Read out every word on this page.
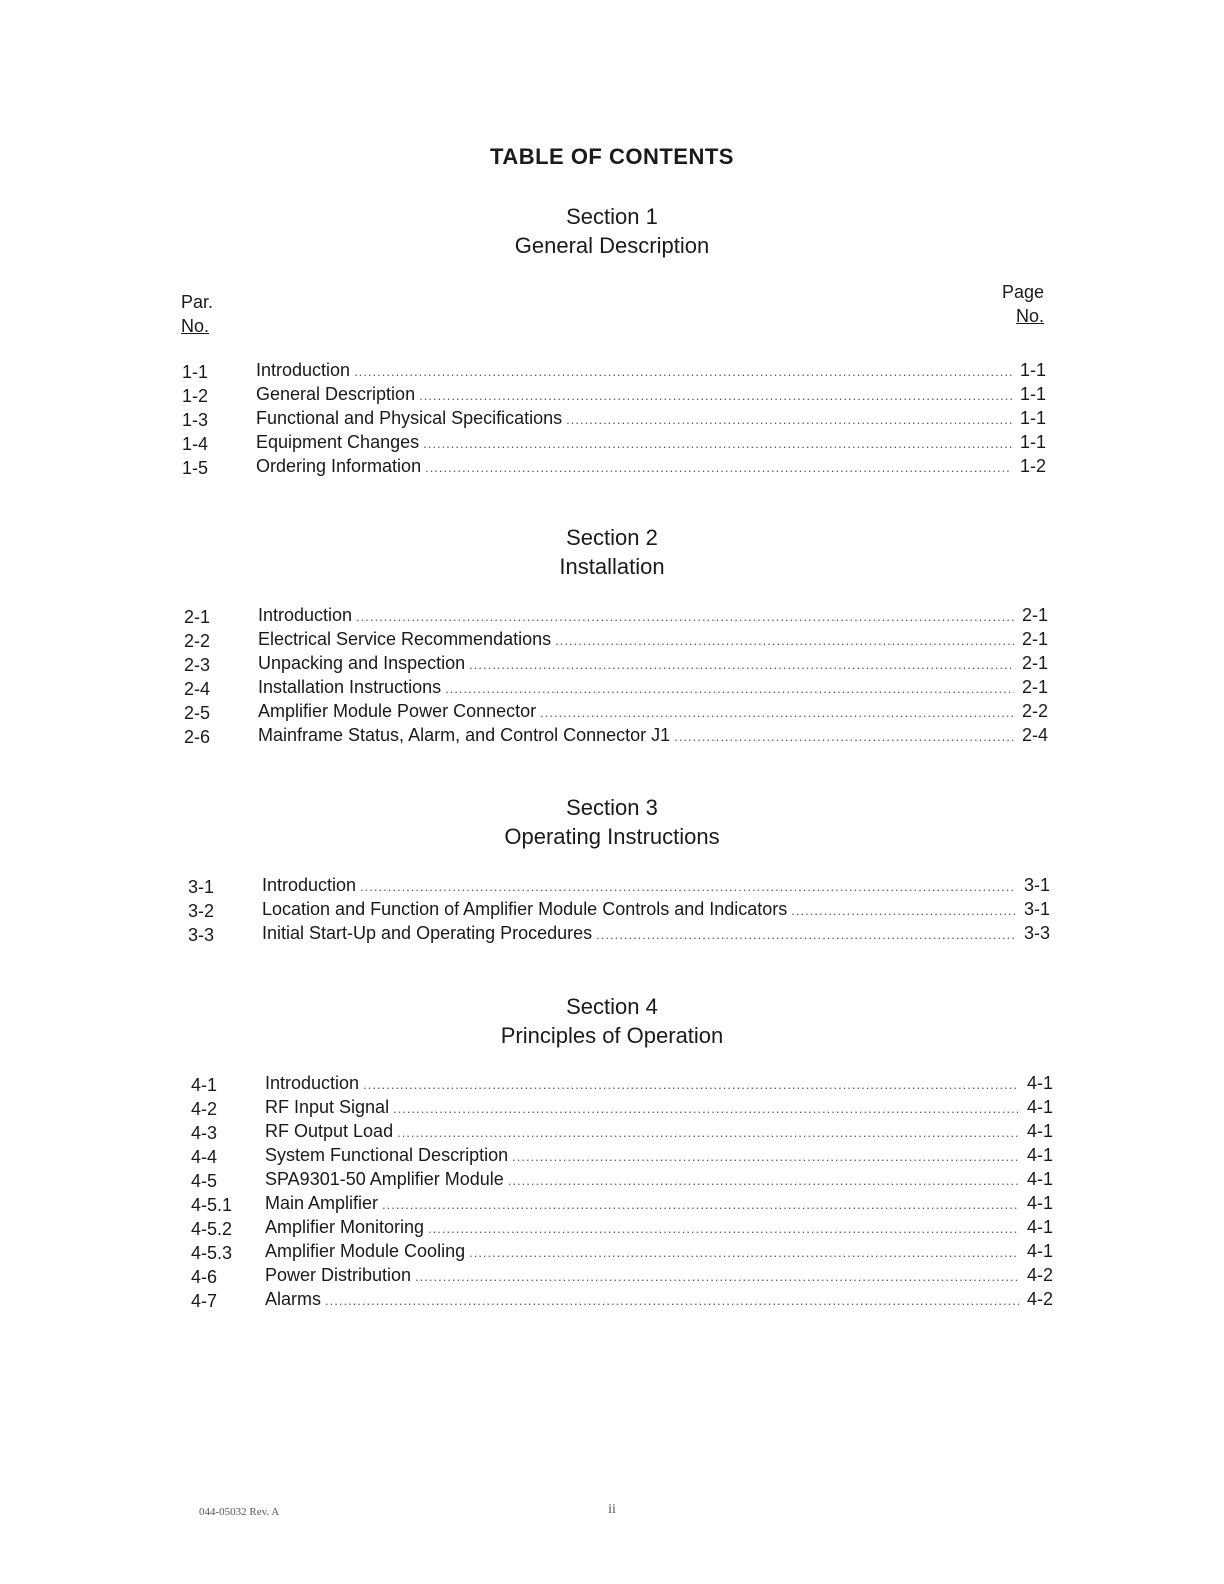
TABLE OF CONTENTS
Section 1
General Description
Par.
No.
Page
No.
1-1	Introduction .....	1-1
1-2	General Description .....	1-1
1-3	Functional and Physical Specifications .....	1-1
1-4	Equipment Changes .....	1-1
1-5	Ordering Information .....	1-2
Section 2
Installation
2-1	Introduction .....	2-1
2-2	Electrical Service Recommendations .....	2-1
2-3	Unpacking and Inspection .....	2-1
2-4	Installation Instructions .....	2-1
2-5	Amplifier Module Power Connector .....	2-2
2-6	Mainframe Status, Alarm, and Control Connector J1 .....	2-4
Section 3
Operating Instructions
3-1	Introduction .....	3-1
3-2	Location and Function of Amplifier Module Controls and Indicators .....	3-1
3-3	Initial Start-Up and Operating Procedures .....	3-3
Section 4
Principles of Operation
4-1	Introduction .....	4-1
4-2	RF Input Signal .....	4-1
4-3	RF Output Load .....	4-1
4-4	System Functional Description .....	4-1
4-5	SPA9301-50 Amplifier Module .....	4-1
4-5.1	Main Amplifier .....	4-1
4-5.2	Amplifier Monitoring .....	4-1
4-5.3	Amplifier Module Cooling .....	4-1
4-6	Power Distribution .....	4-2
4-7	Alarms .....	4-2
044-05032 Rev. A	ii
